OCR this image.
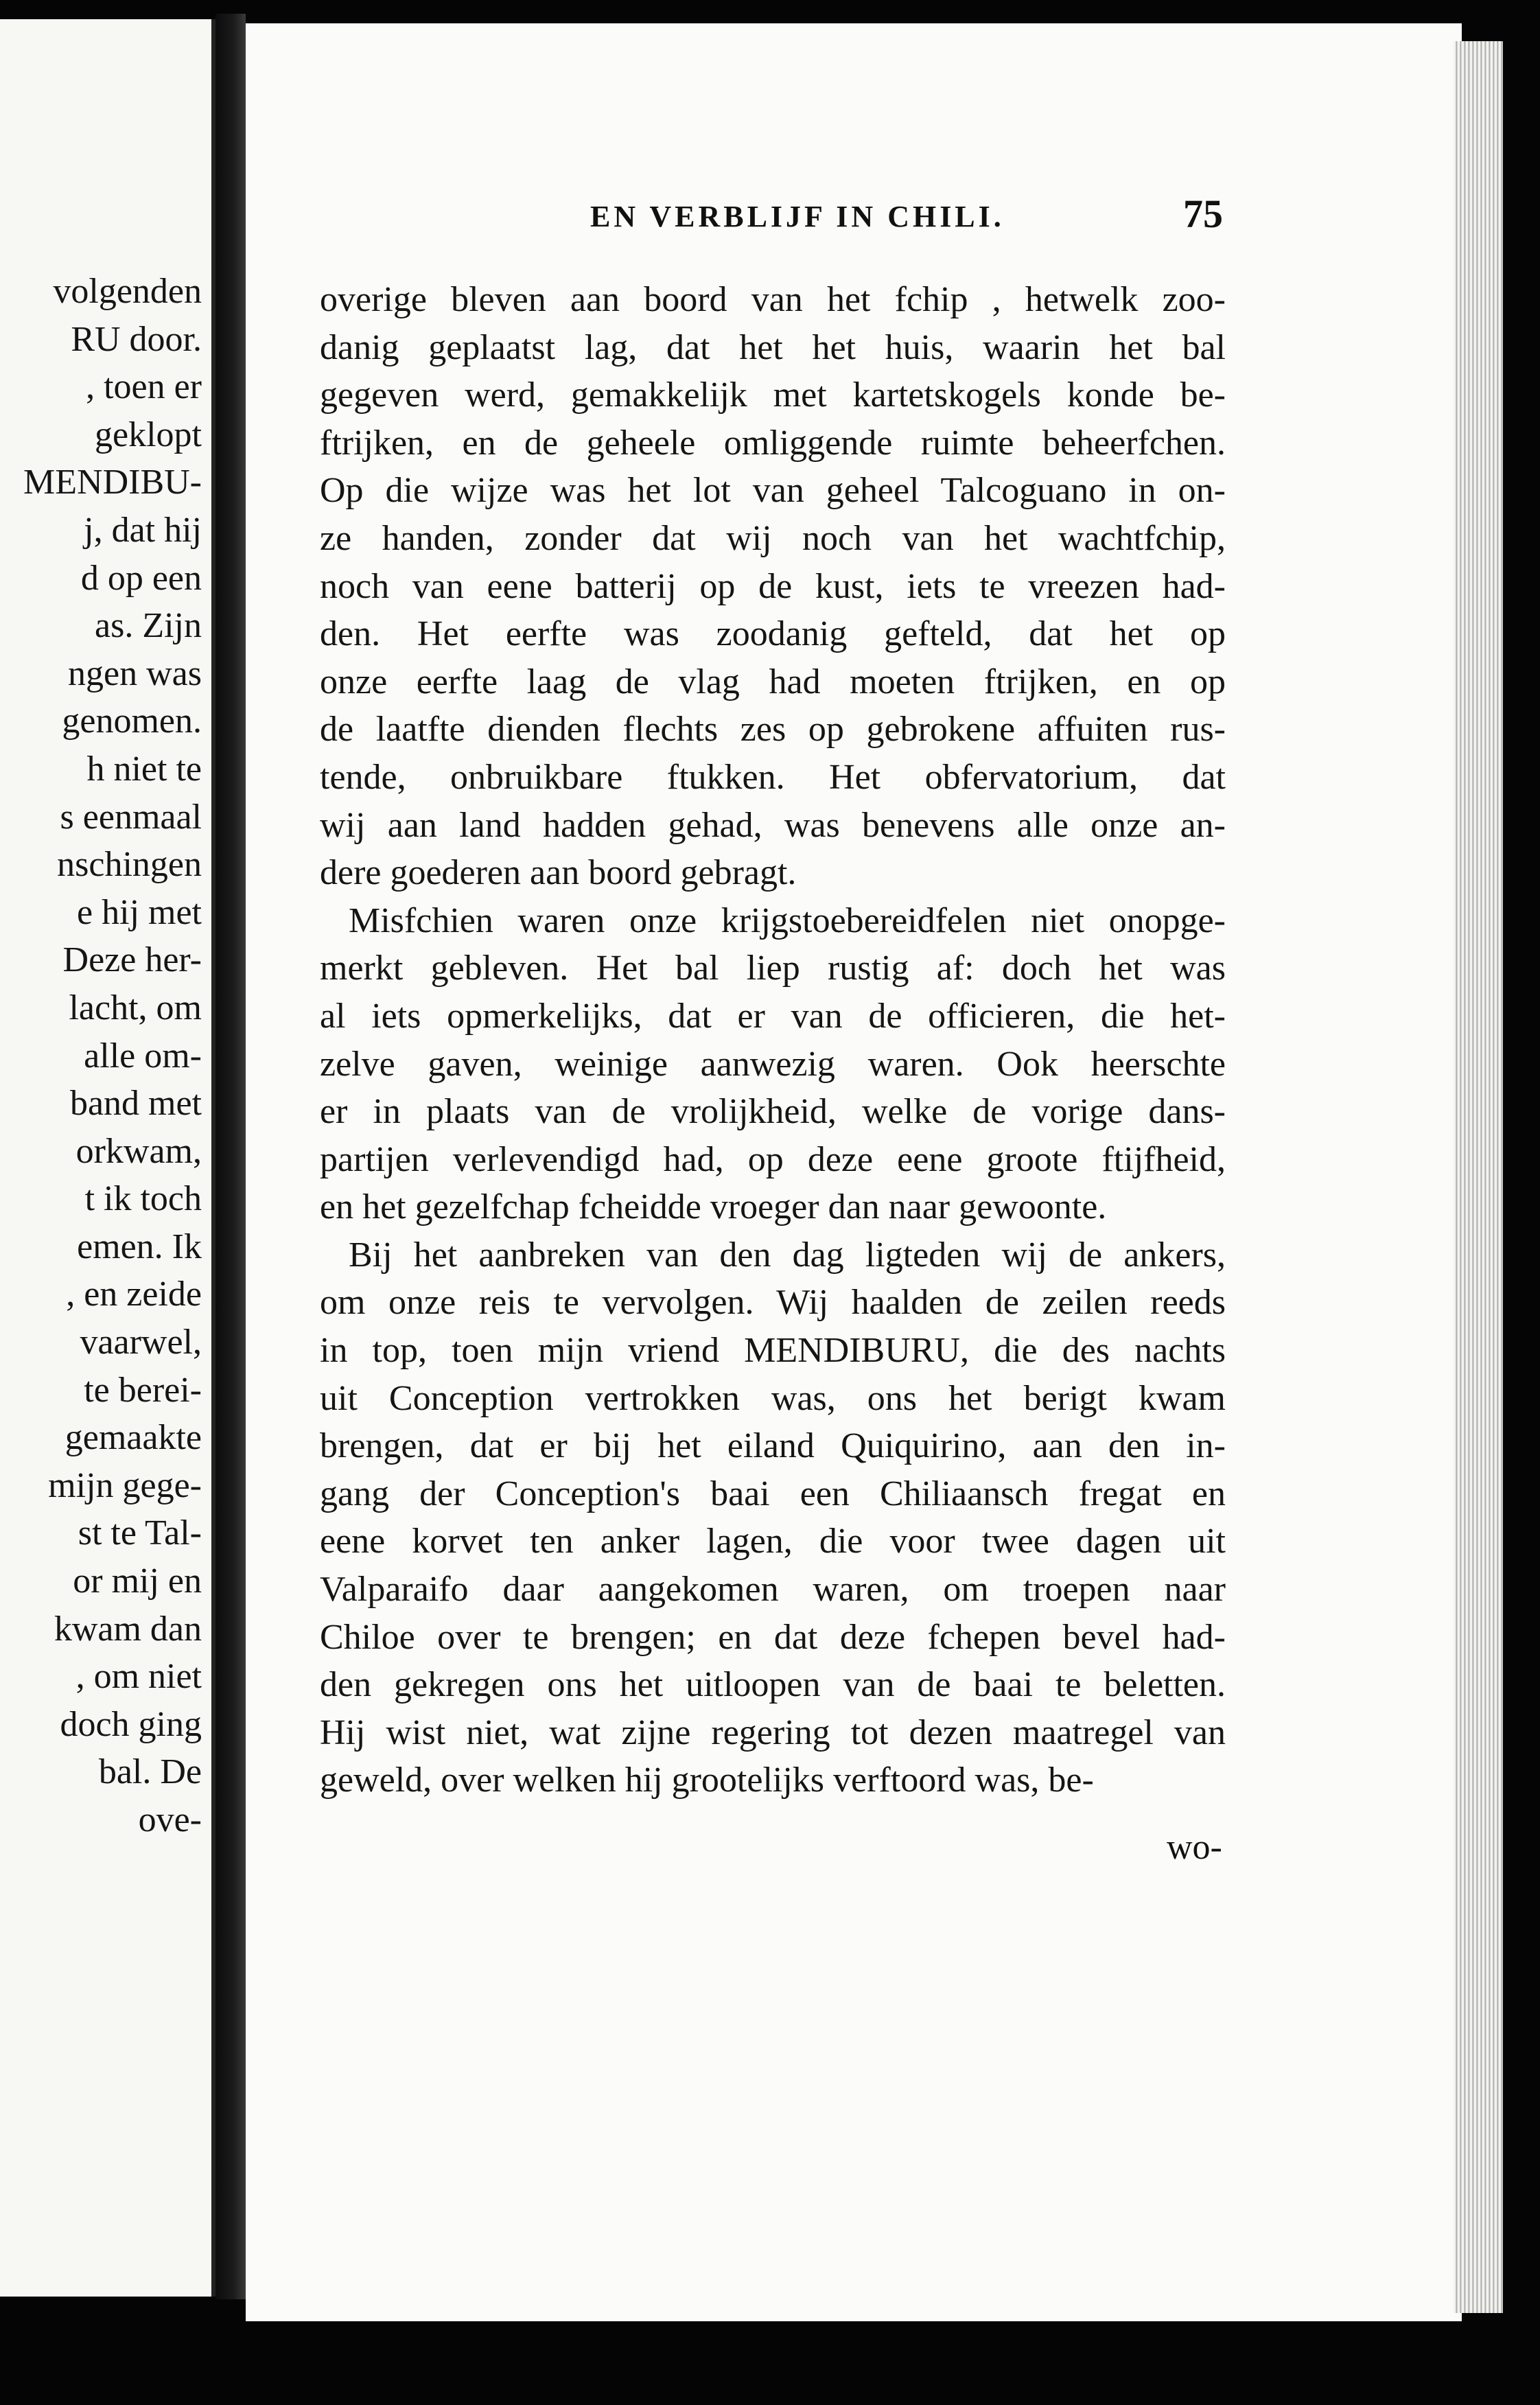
volgenden
RU door.
, toen er
geklopt
MENDIBU-
j, dat hij
d op een
as. Zijn
ngen was
genomen.
h niet te
s eenmaal
nschingen
e hij met
Deze her-
lacht, om
alle om-
band met
orkwam,
t ik toch
emen. Ik
, en zeide
vaarwel,
te berei-
gemaakte
mijn gege-
st te Tal-
or mij en
kwam dan
, om niet
doch ging
bal. De
ove-
EN VERBLIJF IN CHILI.	75
overige bleven aan boord van het fchip , hetwelk zoo-
danig geplaatst lag, dat het het huis, waarin het bal
gegeven werd, gemakkelijk met kartetskogels konde be-
ftrijken, en de geheele omliggende ruimte beheerfchen.
Op die wijze was het lot van geheel Talcoguano in on-
ze handen, zonder dat wij noch van het wachtfchip,
noch van eene batterij op de kust, iets te vreezen had-
den. Het eerfte was zoodanig gefteld, dat het op
onze eerfte laag de vlag had moeten ftrijken, en op
de laatfte dienden flechts zes op gebrokene affuiten rus-
tende, onbruikbare ftukken. Het obfervatorium, dat
wij aan land hadden gehad, was benevens alle onze an-
dere goederen aan boord gebragt.
Misfchien waren onze krijgstoebereidfelen niet onopge-
merkt gebleven. Het bal liep rustig af: doch het was
al iets opmerkelijks, dat er van de officieren, die het-
zelve gaven, weinige aanwezig waren. Ook heerschte
er in plaats van de vrolijkheid, welke de vorige dans-
partijen verlevendigd had, op deze eene groote ftijfheid,
en het gezelfchap fcheidde vroeger dan naar gewoonte.
Bij het aanbreken van den dag ligteden wij de ankers,
om onze reis te vervolgen. Wij haalden de zeilen reeds
in top, toen mijn vriend MENDIBURU, die des nachts
uit Conception vertrokken was, ons het berigt kwam
brengen, dat er bij het eiland Quiquirino, aan den in-
gang der Conception's baai een Chiliaansch fregat en
eene korvet ten anker lagen, die voor twee dagen uit
Valparaifo daar aangekomen waren, om troepen naar
Chiloe over te brengen; en dat deze fchepen bevel had-
den gekregen ons het uitloopen van de baai te beletten.
Hij wist niet, wat zijne regering tot dezen maatregel van
geweld, over welken hij grootelijks verftoord was, be-
wo-
